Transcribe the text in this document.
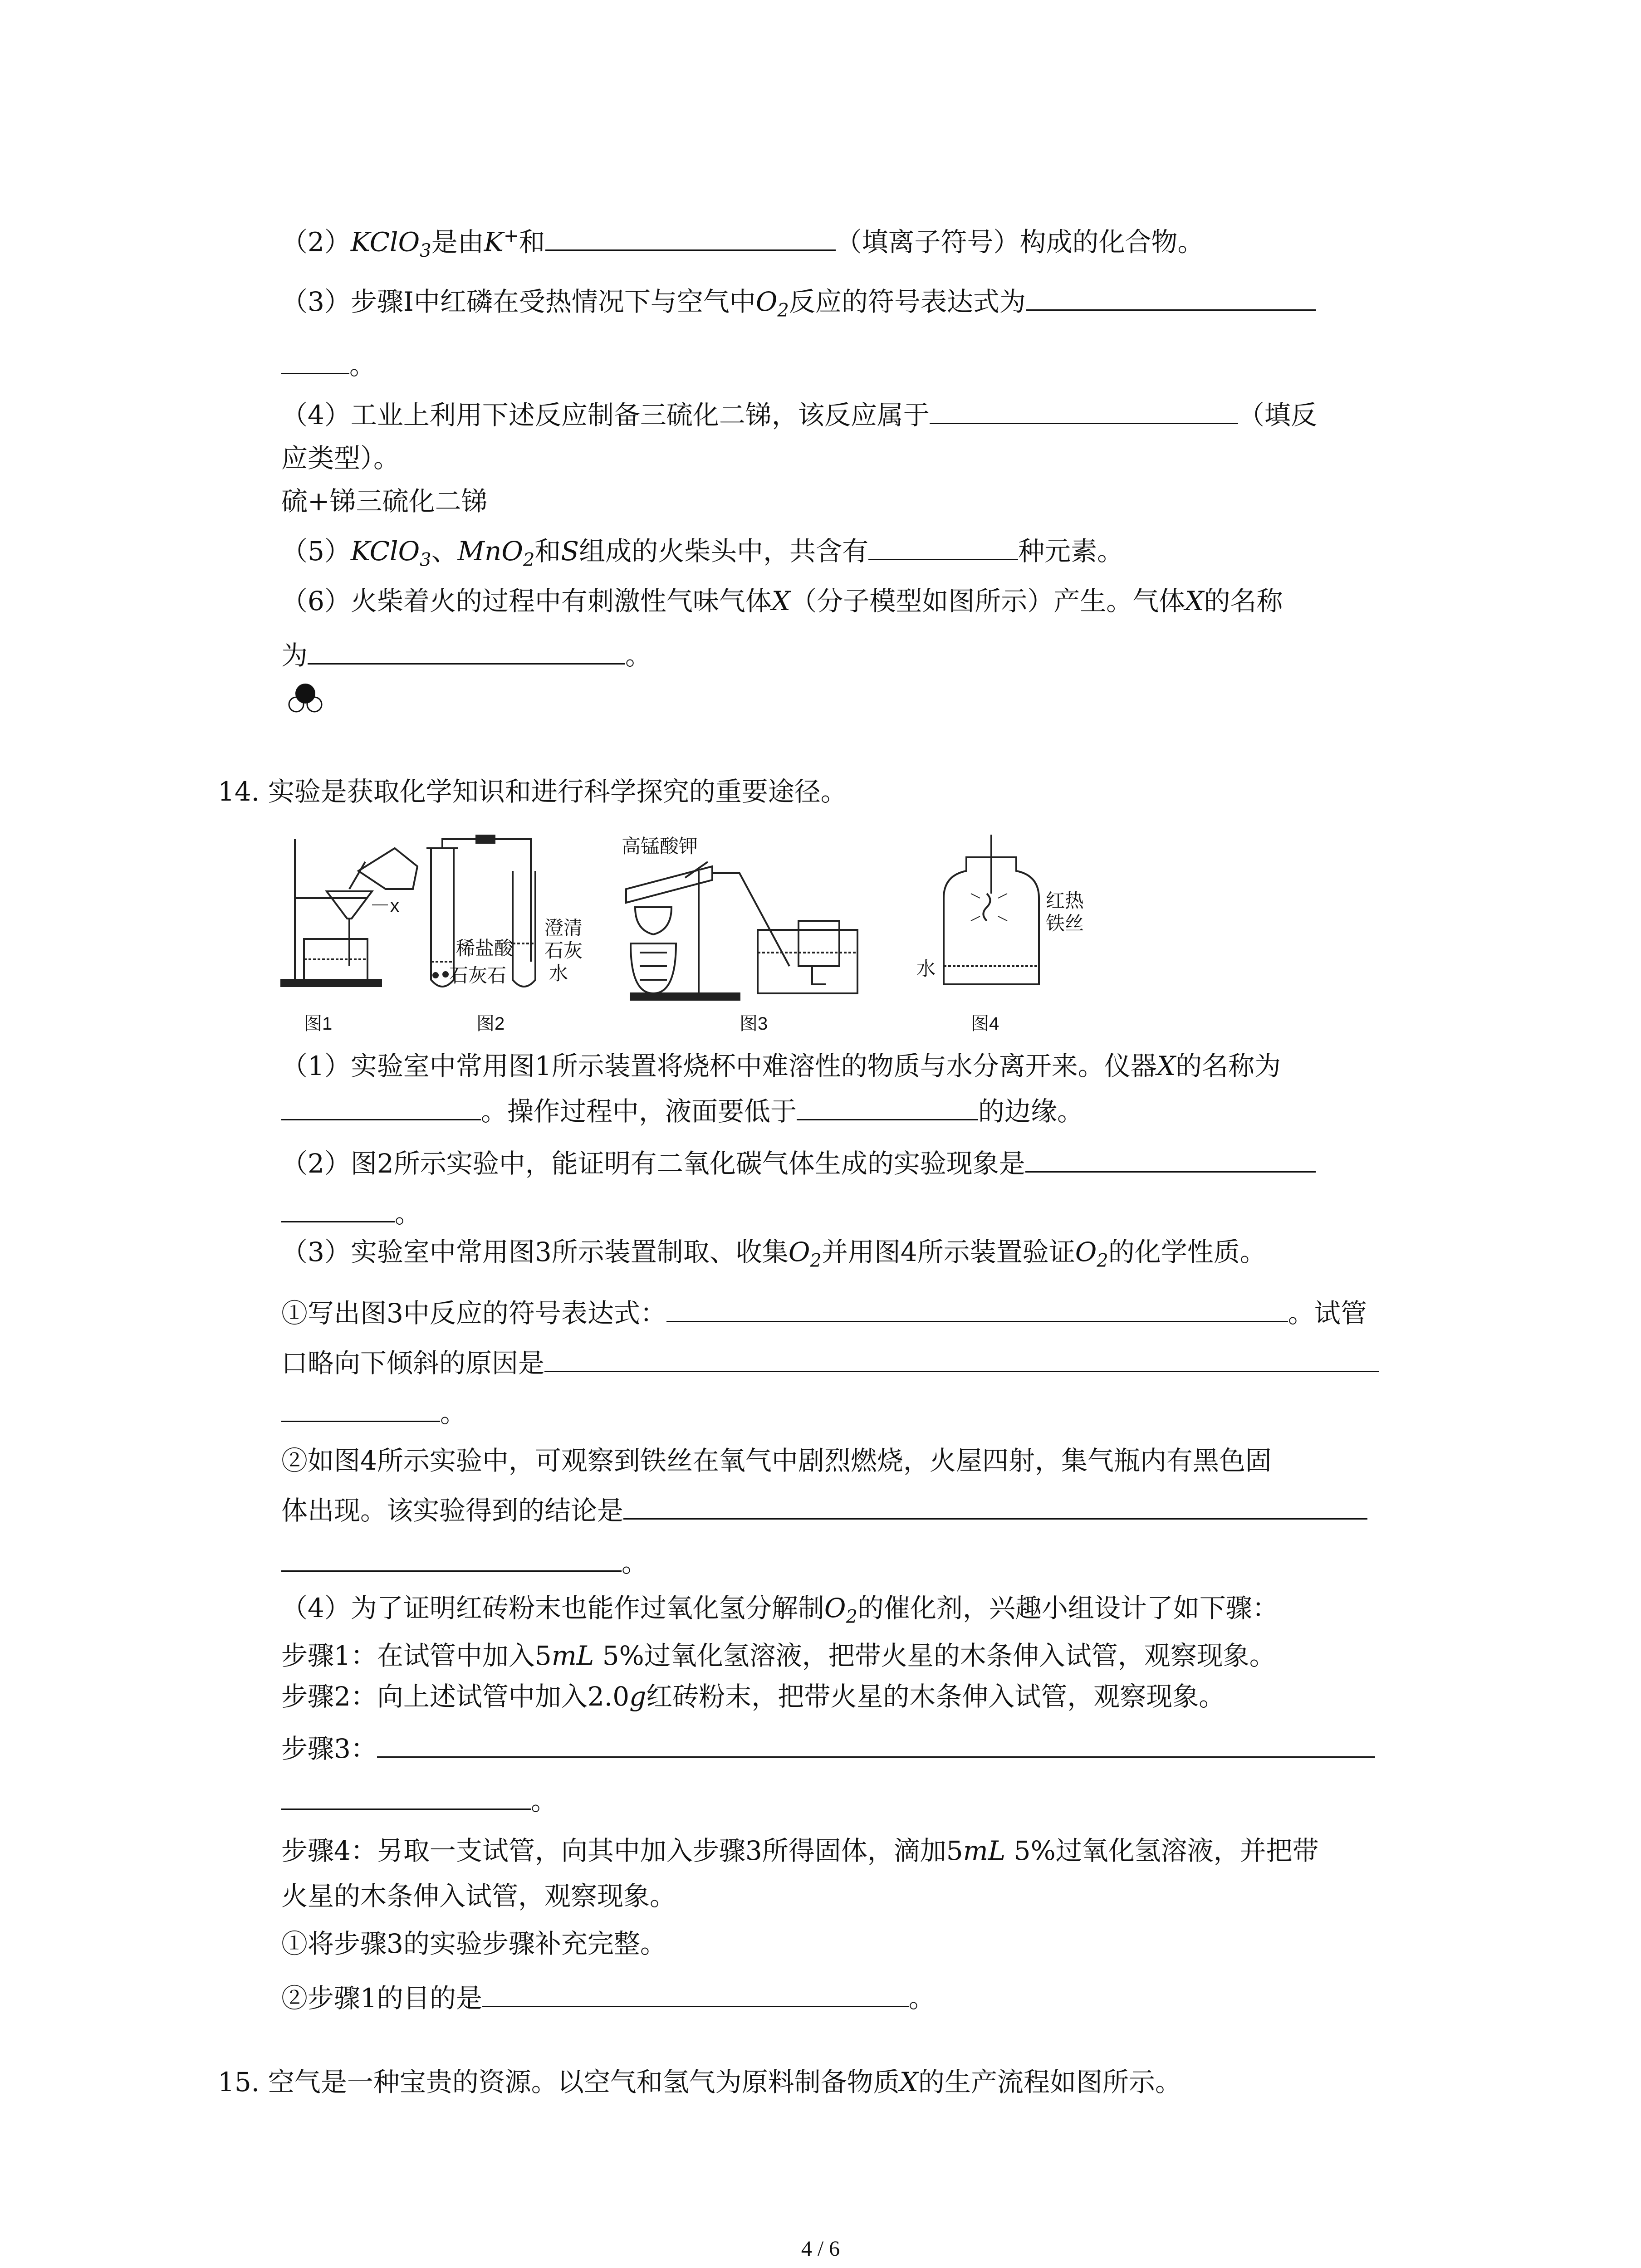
（2）KClO$_3$是由K+和	（填离子符号）构成的化合物。
（3）步骤Ⅰ中红磷在受热情况下与空气中$O_2$反应的符号表达式为
。
（4）工业上利用下述反应制备三硫化二锑，该反应属于	（填反
应类型）。
硫+锑三硫化二锑
（5）KClO$_3$、MnO$_2$和S组成的火柴头中，共含有	种元素。
（6）火柴着火的过程中有刺激性气味气体X（分子模型如图所示）产生。气体X的名称
为	。
14. 实验是获取化学知识和进行科学探究的重要途径。
x
图1
稀盐酸
石灰石
澄清
石灰
水
图2
高锰酸钾
图3
红热
铁丝
水
图4
（1）实验室中常用图1所示装置将烧杯中难溶性的物质与水分离开来。仪器X的名称为
。操作过程中，液面要低于	的边缘。
（2）图2所示实验中，能证明有二氧化碳气体生成的实验现象是
。
（3）实验室中常用图3所示装置制取、收集$O_2$并用图4所示装置验证$O_2$的化学性质。
①写出图3中反应的符号表达式：	。试管
口略向下倾斜的原因是
。
②如图4所示实验中，可观察到铁丝在氧气中剧烈燃烧，火屋四射，集气瓶内有黑色固
体出现。该实验得到的结论是
。
（4）为了证明红砖粉末也能作过氧化氢分解制$O_2$的催化剂，兴趣小组设计了如下骤：
步骤1：在试管中加入5mL 5%过氧化氢溶液，把带火星的木条伸入试管，观察现象。
步骤2：向上述试管中加入2.0g红砖粉末，把带火星的木条伸入试管，观察现象。
步骤3：
。
步骤4：另取一支试管，向其中加入步骤3所得固体，滴加5mL 5%过氧化氢溶液，并把带
火星的木条伸入试管，观察现象。
①将步骤3的实验步骤补充完整。
②步骤1的目的是	。
15. 空气是一种宝贵的资源。以空气和氢气为原料制备物质X的生产流程如图所示。
4 / 6
